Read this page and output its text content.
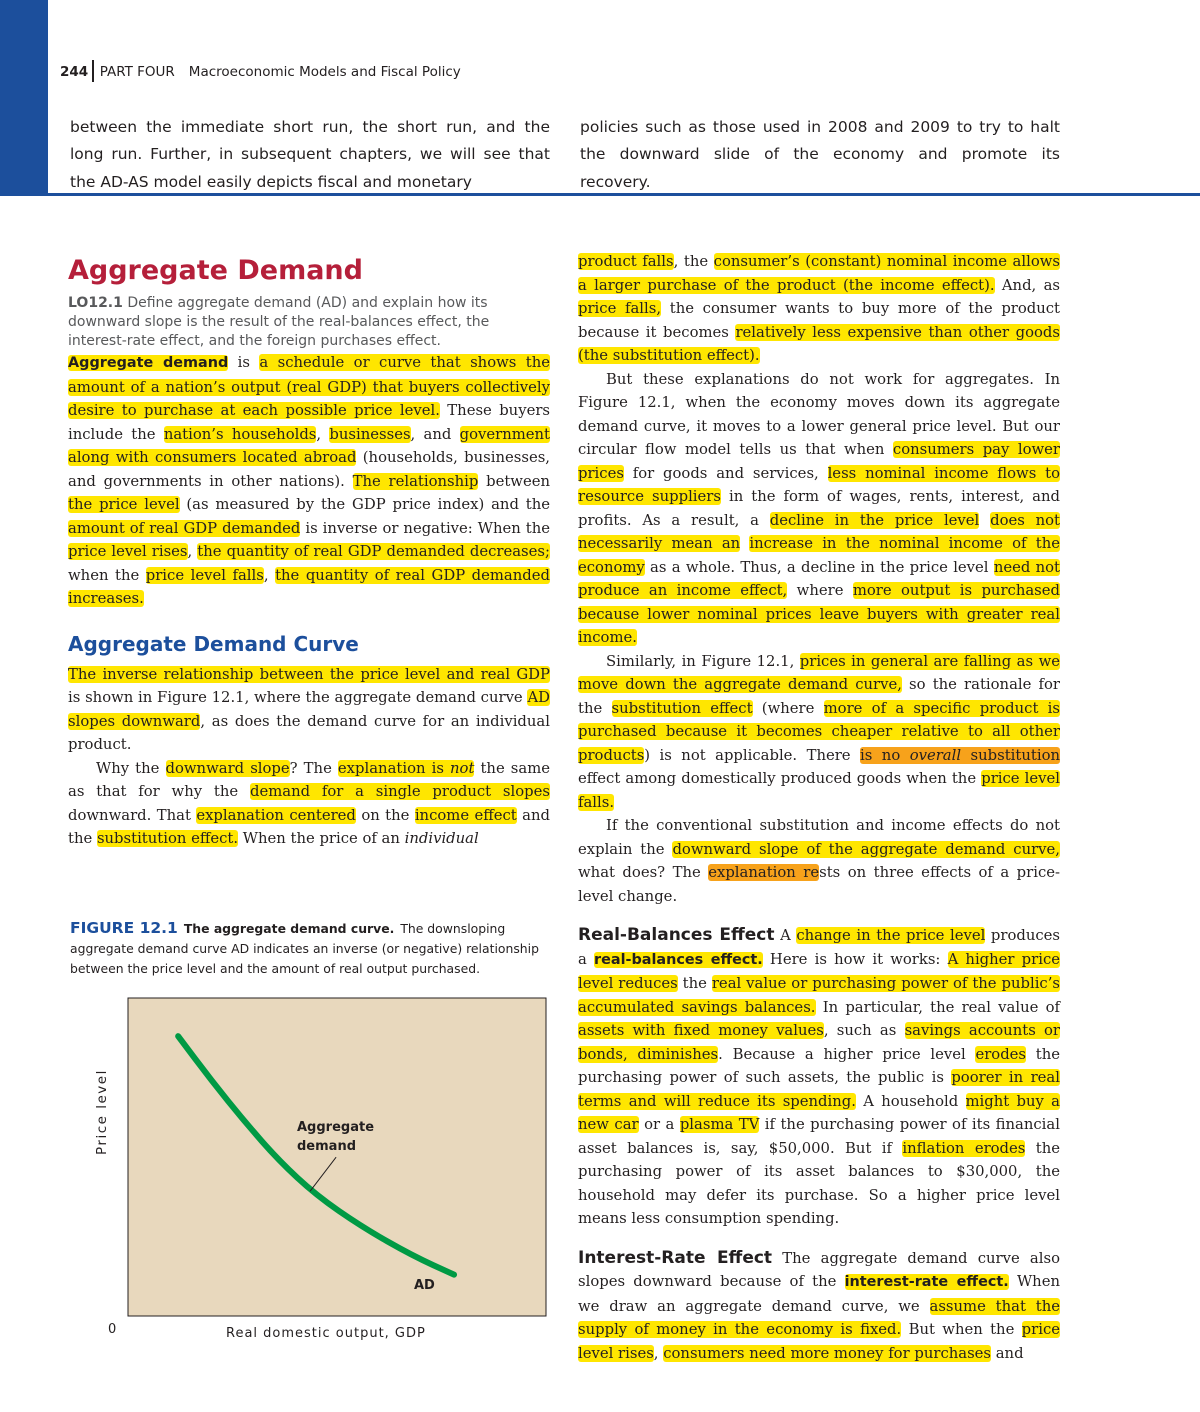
244 PART FOUR Macroeconomic Models and Fiscal Policy

between the immediate short run, the short run, and the long run. Further, in subsequent chapters, we will see that the AD-AS model easily depicts fiscal and monetary

policies such as those used in 2008 and 2009 to try to halt the downward slide of the economy and promote its recovery.

Aggregate Demand

LO12.1 Define aggregate demand (AD) and explain how its downward slope is the result of the real-balances effect, the interest-rate effect, and the foreign purchases effect.

Aggregate demand is a schedule or curve that shows the amount of a nation’s output (real GDP) that buyers collectively desire to purchase at each possible price level. These buyers include the nation’s households, businesses, and government along with consumers located abroad (households, businesses, and governments in other nations). The relationship between the price level (as measured by the GDP price index) and the amount of real GDP demanded is inverse or negative: When the price level rises, the quantity of real GDP demanded decreases; when the price level falls, the quantity of real GDP demanded increases.

Aggregate Demand Curve

The inverse relationship between the price level and real GDP is shown in Figure 12.1, where the aggregate demand curve AD slopes downward, as does the demand curve for an individual product.

Why the downward slope? The explanation is not the same as that for why the demand for a single product slopes downward. That explanation centered on the income effect and the substitution effect. When the price of an individual

FIGURE 12.1 The aggregate demand curve. The downsloping aggregate demand curve AD indicates an inverse (or negative) relationship between the price level and the amount of real output purchased.
Aggregate demand
AD
Price level
0	Real domestic output, GDP

product falls, the consumer’s (constant) nominal income allows a larger purchase of the product (the income effect). And, as price falls, the consumer wants to buy more of the product because it becomes relatively less expensive than other goods (the substitution effect).

But these explanations do not work for aggregates. In Figure 12.1, when the economy moves down its aggregate demand curve, it moves to a lower general price level. But our circular flow model tells us that when consumers pay lower prices for goods and services, less nominal income flows to resource suppliers in the form of wages, rents, interest, and profits. As a result, a decline in the price level does not necessarily mean an increase in the nominal income of the economy as a whole. Thus, a decline in the price level need not produce an income effect, where more output is purchased because lower nominal prices leave buyers with greater real income.

Similarly, in Figure 12.1, prices in general are falling as we move down the aggregate demand curve, so the rationale for the substitution effect (where more of a specific product is purchased because it becomes cheaper relative to all other products) is not applicable. There is no overall substitution effect among domestically produced goods when the price level falls.

If the conventional substitution and income effects do not explain the downward slope of the aggregate demand curve, what does? The explanation rests on three effects of a price-level change.

Real-Balances Effect A change in the price level produces a real-balances effect. Here is how it works: A higher price level reduces the real value or purchasing power of the public’s accumulated savings balances. In particular, the real value of assets with fixed money values, such as savings accounts or bonds, diminishes. Because a higher price level erodes the purchasing power of such assets, the public is poorer in real terms and will reduce its spending. A household might buy a new car or a plasma TV if the purchasing power of its financial asset balances is, say, $50,000. But if inflation erodes the purchasing power of its asset balances to $30,000, the household may defer its purchase. So a higher price level means less consumption spending.

Interest-Rate Effect The aggregate demand curve also slopes downward because of the interest-rate effect. When we draw an aggregate demand curve, we assume that the supply of money in the economy is fixed. But when the price level rises, consumers need more money for purchases and
